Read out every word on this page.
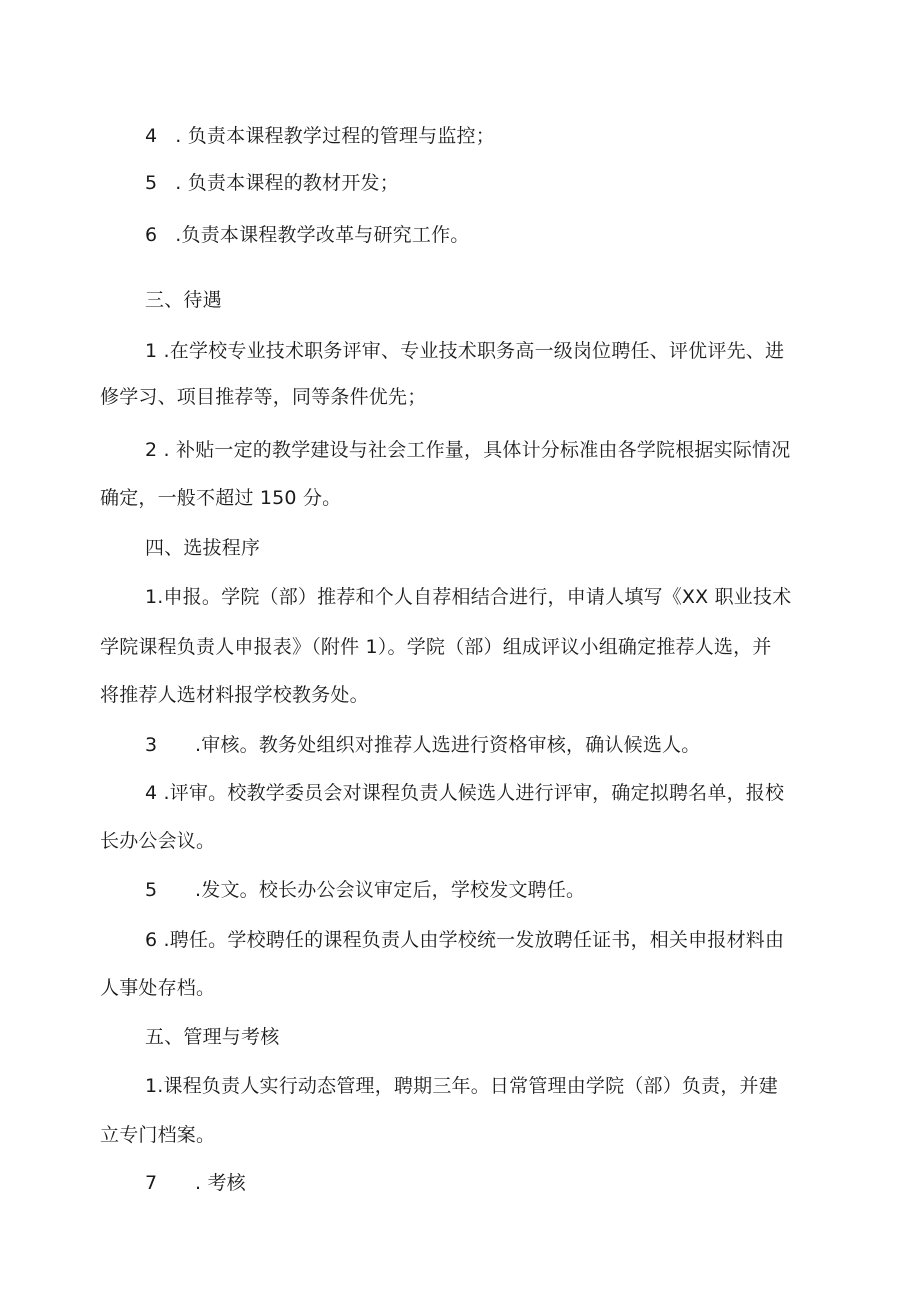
4 . 负责本课程教学过程的管理与监控；
5 . 负责本课程的教材开发；
6 .负责本课程教学改革与研究工作。
三、待遇
1 .在学校专业技术职务评审、专业技术职务高一级岗位聘任、评优评先、进
修学习、项目推荐等，同等条件优先；
2 . 补贴一定的教学建设与社会工作量，具体计分标准由各学院根据实际情况
确定，一般不超过 150 分。
四、选拔程序
1.申报。学院（部）推荐和个人自荐相结合进行，申请人填写《XX 职业技术
学院课程负责人申报表》（附件 1）。学院（部）组成评议小组确定推荐人选，并
将推荐人选材料报学校教务处。
3 .审核。教务处组织对推荐人选进行资格审核，确认候选人。
4 .评审。校教学委员会对课程负责人候选人进行评审，确定拟聘名单，报校
长办公会议。
5 .发文。校长办公会议审定后，学校发文聘任。
6 .聘任。学校聘任的课程负责人由学校统一发放聘任证书，相关申报材料由
人事处存档。
五、管理与考核
1.课程负责人实行动态管理，聘期三年。日常管理由学院（部）负责，并建
立专门档案。
7 . 考核
